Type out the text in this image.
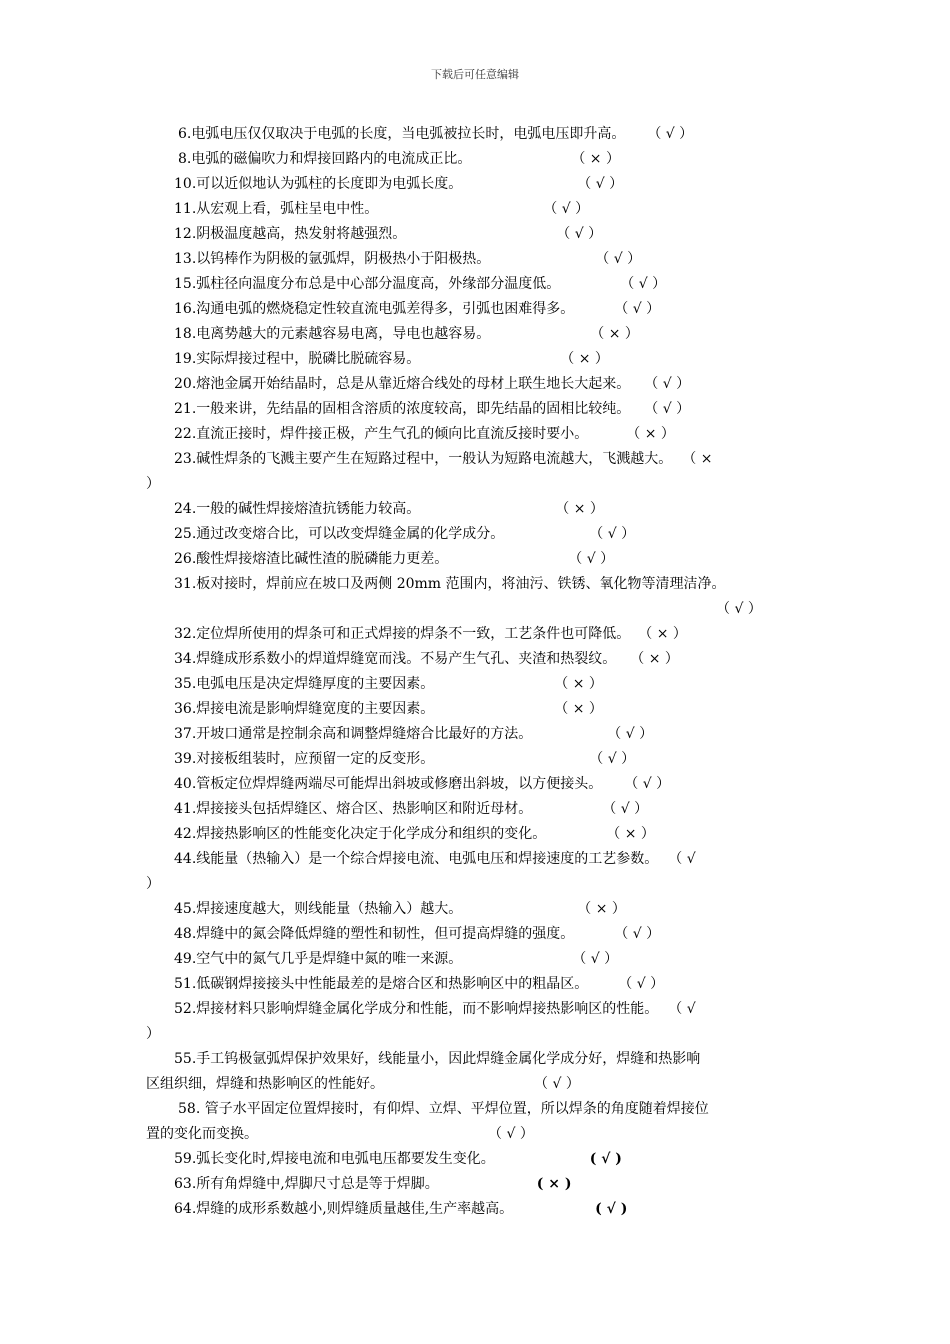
下载后可任意编辑
6.电弧电压仅仅取决于电弧的长度，当电弧被拉长时，电弧电压即升高。 （ √ ）
8.电弧的磁偏吹力和焊接回路内的电流成正比。	（ × ）
10.可以近似地认为弧柱的长度即为电弧长度。	（ √ ）
11.从宏观上看，弧柱呈电中性。	（ √ ）
12.阴极温度越高，热发射将越强烈。	（ √ ）
13.以钨棒作为阴极的氩弧焊，阴极热小于阳极热。	（ √ ）
15.弧柱径向温度分布总是中心部分温度高，外缘部分温度低。	（ √ ）
16.沟通电弧的燃烧稳定性较直流电弧差得多，引弧也困难得多。	（ √ ）
18.电离势越大的元素越容易电离，导电也越容易。	（ × ）
19.实际焊接过程中，脱磷比脱硫容易。	（ × ）
20.熔池金属开始结晶时，总是从靠近熔合线处的母材上联生地长大起来。 （ √ ）
21.一般来讲，先结晶的固相含溶质的浓度较高，即先结晶的固相比较纯。 （ √ ）
22.直流正接时，焊件接正极，产生气孔的倾向比直流反接时要小。	（ × ）
23.碱性焊条的飞溅主要产生在短路过程中，一般认为短路电流越大，飞溅越大。 （ ×
）
24.一般的碱性焊接熔渣抗锈能力较高。	（ × ）
25.通过改变熔合比，可以改变焊缝金属的化学成分。	（ √ ）
26.酸性焊接熔渣比碱性渣的脱磷能力更差。	（ √ ）
31.板对接时，焊前应在坡口及两侧 20mm 范围内，将油污、铁锈、氧化物等清理洁净。
（ √ ）
32.定位焊所使用的焊条可和正式焊接的焊条不一致，工艺条件也可降低。 （ × ）
34.焊缝成形系数小的焊道焊缝宽而浅。不易产生气孔、夹渣和热裂纹。 （ × ）
35.电弧电压是决定焊缝厚度的主要因素。	（ × ）
36.焊接电流是影响焊缝宽度的主要因素。	（ × ）
37.开坡口通常是控制余高和调整焊缝熔合比最好的方法。	（ √ ）
39.对接板组装时，应预留一定的反变形。	（ √ ）
40.管板定位焊焊缝两端尽可能焊出斜坡或修磨出斜坡，以方便接头。 （ √ ）
41.焊接接头包括焊缝区、熔合区、热影响区和附近母材。	（ √ ）
42.焊接热影响区的性能变化决定于化学成分和组织的变化。	（ × ）
44.线能量（热输入）是一个综合焊接电流、电弧电压和焊接速度的工艺参数。 （ √
）
45.焊接速度越大，则线能量（热输入）越大。	（ × ）
48.焊缝中的氮会降低焊缝的塑性和韧性，但可提高焊缝的强度。	（ √ ）
49.空气中的氮气几乎是焊缝中氮的唯一来源。	（ √ ）
51.低碳钢焊接接头中性能最差的是熔合区和热影响区中的粗晶区。 （ √ ）
52.焊接材料只影响焊缝金属化学成分和性能，而不影响焊接热影响区的性能。 （ √
）
55.手工钨极氩弧焊保护效果好，线能量小，因此焊缝金属化学成分好，焊缝和热影响
区组织细，焊缝和热影响区的性能好。	（ √ ）
58. 管子水平固定位置焊接时，有仰焊、立焊、平焊位置，所以焊条的角度随着焊接位
置的变化而变换。	（ √ ）
59.弧长变化时,焊接电流和电弧电压都要发生变化。	( √ )
63.所有角焊缝中,焊脚尺寸总是等于焊脚。	( × )
64.焊缝的成形系数越小,则焊缝质量越佳,生产率越高。	( √ )
